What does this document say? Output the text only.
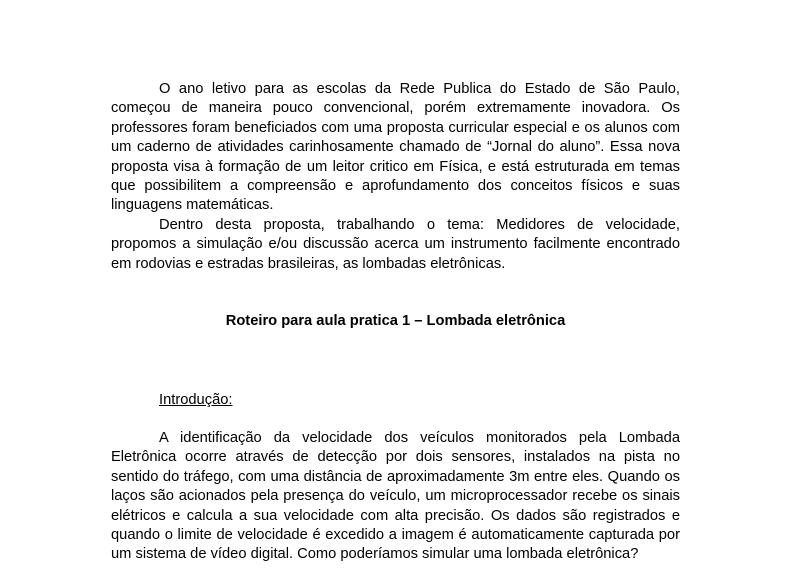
O ano letivo para as escolas da Rede Publica do Estado de São Paulo, começou de maneira pouco convencional, porém extremamente inovadora. Os professores foram beneficiados com uma proposta curricular especial e os alunos com um caderno de atividades carinhosamente chamado de “Jornal do aluno”. Essa nova proposta visa à formação de um leitor critico em Física, e está estruturada em temas que possibilitem a compreensão e aprofundamento dos conceitos físicos e suas linguagens matemáticas.

Dentro desta proposta, trabalhando o tema: Medidores de velocidade, propomos a simulação e/ou discussão acerca um instrumento facilmente encontrado em rodovias e estradas brasileiras, as lombadas eletrônicas.

Roteiro para aula pratica 1 – Lombada eletrônica

Introdução:

A identificação da velocidade dos veículos monitorados pela Lombada Eletrônica ocorre através de detecção por dois sensores, instalados na pista no sentido do tráfego, com uma distância de aproximadamente 3m entre eles. Quando os laços são acionados pela presença do veículo, um microprocessador recebe os sinais elétricos e calcula a sua velocidade com alta precisão. Os dados são registrados e quando o limite de velocidade é excedido a imagem é automaticamente capturada por um sistema de vídeo digital. Como poderíamos simular uma lombada eletrônica?
